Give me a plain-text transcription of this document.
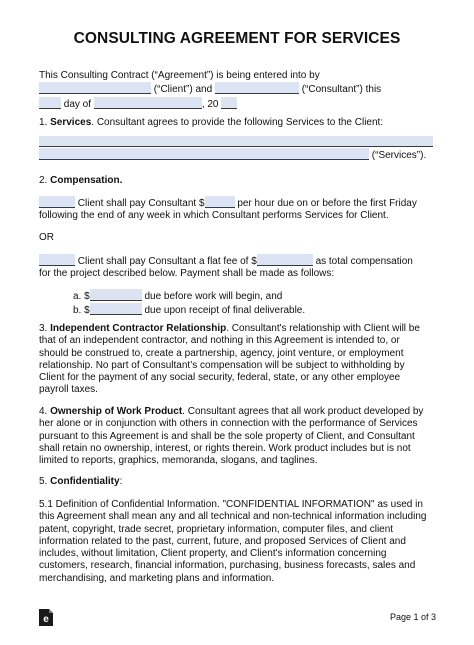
CONSULTING AGREEMENT FOR SERVICES
This Consulting Contract (“Agreement”) is being entered into by
(“Client”) and	(“Consultant”) this
day of	, 20
1. Services. Consultant agrees to provide the following Services to the Client:
(“Services”).
2. Compensation.
Client shall pay Consultant $	per hour due on or before the first Friday
following the end of any week in which Consultant performs Services for Client.
OR
Client shall pay Consultant a flat fee of $	as total compensation
for the project described below. Payment shall be made as follows:
a. $	due before work will begin, and
b. $	due upon receipt of final deliverable.
3. Independent Contractor Relationship. Consultant's relationship with Client will be
that of an independent contractor, and nothing in this Agreement is intended to, or
should be construed to, create a partnership, agency, joint venture, or employment
relationship. No part of Consultant’s compensation will be subject to withholding by
Client for the payment of any social security, federal, state, or any other employee
payroll taxes.
4. Ownership of Work Product. Consultant agrees that all work product developed by
her alone or in conjunction with others in connection with the performance of Services
pursuant to this Agreement is and shall be the sole property of Client, and Consultant
shall retain no ownership, interest, or rights therein. Work product includes but is not
limited to reports, graphics, memoranda, slogans, and taglines.
5. Confidentiality:
5.1 Definition of Confidential Information. "CONFIDENTIAL INFORMATION" as used in
this Agreement shall mean any and all technical and non-technical information including
patent, copyright, trade secret, proprietary information, computer files, and client
information related to the past, current, future, and proposed Services of Client and
includes, without limitation, Client property, and Client's information concerning
customers, research, financial information, purchasing, business forecasts, sales and
merchandising, and marketing plans and information.
e	Page 1 of 3
